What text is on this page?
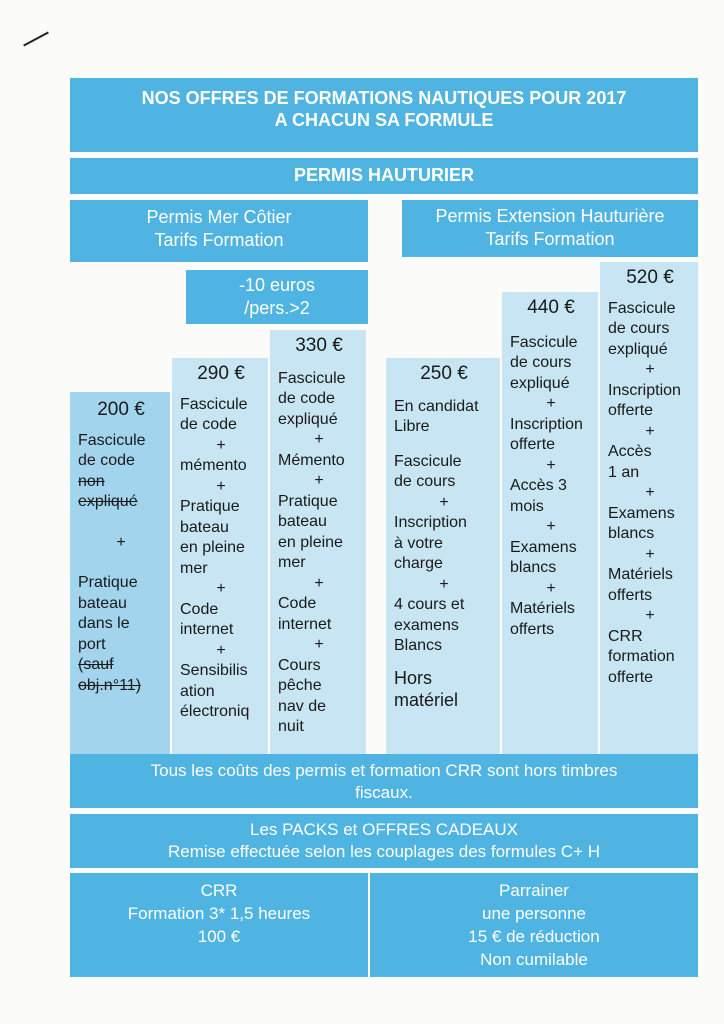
NOS OFFRES DE FORMATIONS NAUTIQUES POUR 2017
A CHACUN SA FORMULE
PERMIS HAUTURIER
Permis Mer Côtier
Tarifs Formation
Permis Extension Hauturière
Tarifs Formation
-10 euros
/pers.>2
200 €
Fascicule
de code
non
expliqué
+
Pratique
bateau
dans le
port
(sauf
obj.n°11)
290 €
Fascicule
de code
+
mémento
+
Pratique
bateau
en pleine
mer
+
Code
internet
+
Sensibilis
ation
électroniq
330 €
Fascicule
de code
expliqué
+
Mémento
+
Pratique
bateau
en pleine
mer
+
Code
internet
+
Cours
pêche
nav de
nuit
250 €
En candidat
Libre
Fascicule
de cours
+
Inscription
à votre
charge
+
4 cours et
examens
Blancs
Hors
matériel
440 €
Fascicule
de cours
expliqué
+
Inscription
offerte
+
Accès 3
mois
+
Examens
blancs
+
Matériels
offerts
520 €
Fascicule
de cours
expliqué
+
Inscription
offerte
+
Accès
1 an
+
Examens
blancs
+
Matériels
offerts
+
CRR
formation
offerte
Tous les coûts des permis et formation CRR sont hors timbres
fiscaux.
Les PACKS et OFFRES CADEAUX
Remise effectuée selon les couplages des formules C+ H
CRR
Formation 3* 1,5 heures
100 €
Parrainer
une personne
15 € de réduction
Non cumilable
